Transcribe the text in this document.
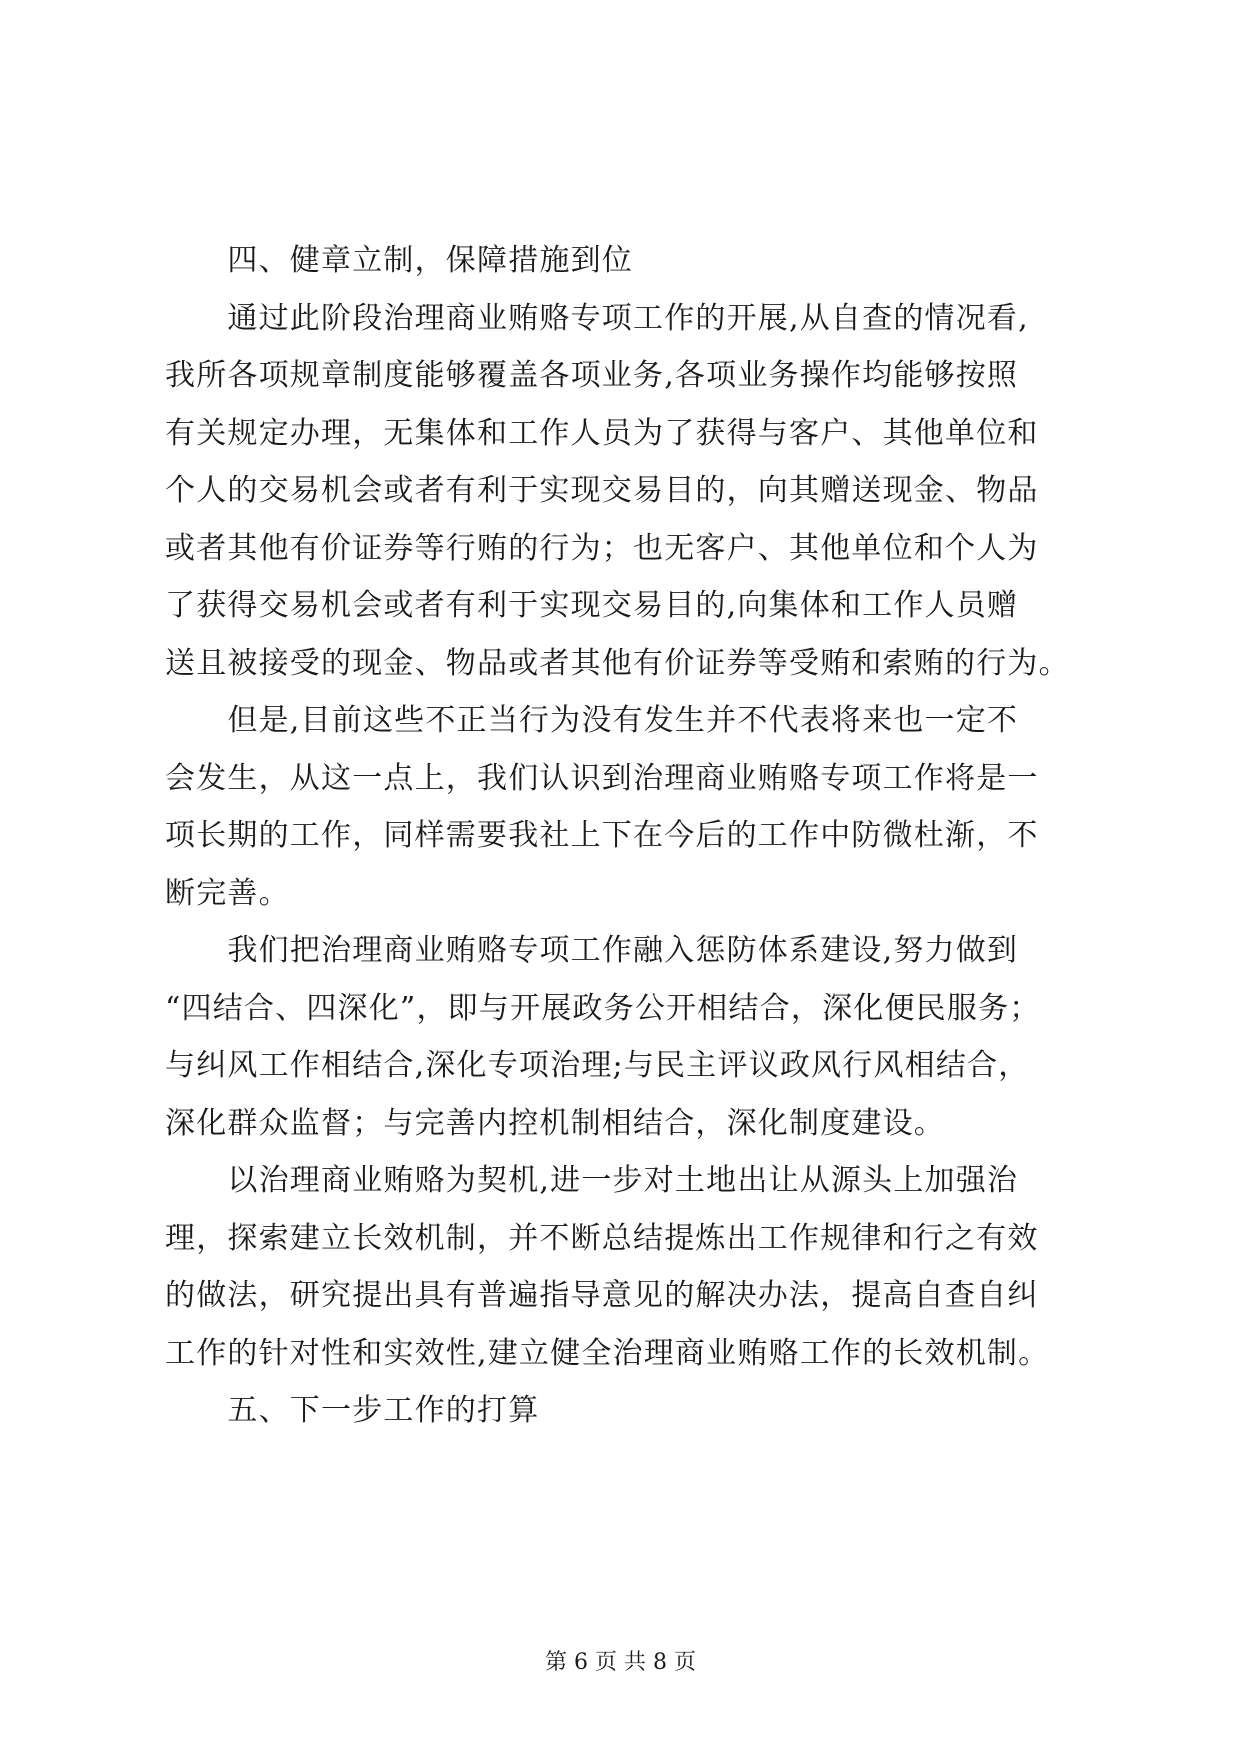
　　四、健章立制，保障措施到位
　　通过此阶段治理商业贿赂专项工作的开展,从自查的情况看,
我所各项规章制度能够覆盖各项业务,各项业务操作均能够按照
有关规定办理，无集体和工作人员为了获得与客户、其他单位和
个人的交易机会或者有利于实现交易目的，向其赠送现金、物品
或者其他有价证券等行贿的行为；也无客户、其他单位和个人为
了获得交易机会或者有利于实现交易目的,向集体和工作人员赠
送且被接受的现金、物品或者其他有价证券等受贿和索贿的行为。
　　但是,目前这些不正当行为没有发生并不代表将来也一定不
会发生，从这一点上，我们认识到治理商业贿赂专项工作将是一
项长期的工作，同样需要我社上下在今后的工作中防微杜渐，不
断完善。
　　我们把治理商业贿赂专项工作融入惩防体系建设,努力做到
“四结合、四深化”，即与开展政务公开相结合，深化便民服务；
与纠风工作相结合,深化专项治理;与民主评议政风行风相结合，
深化群众监督；与完善内控机制相结合，深化制度建设。
　　以治理商业贿赂为契机,进一步对土地出让从源头上加强治
理，探索建立长效机制，并不断总结提炼出工作规律和行之有效
的做法，研究提出具有普遍指导意见的解决办法，提高自查自纠
工作的针对性和实效性,建立健全治理商业贿赂工作的长效机制。
　　五、下一步工作的打算
第 6 页 共 8 页
